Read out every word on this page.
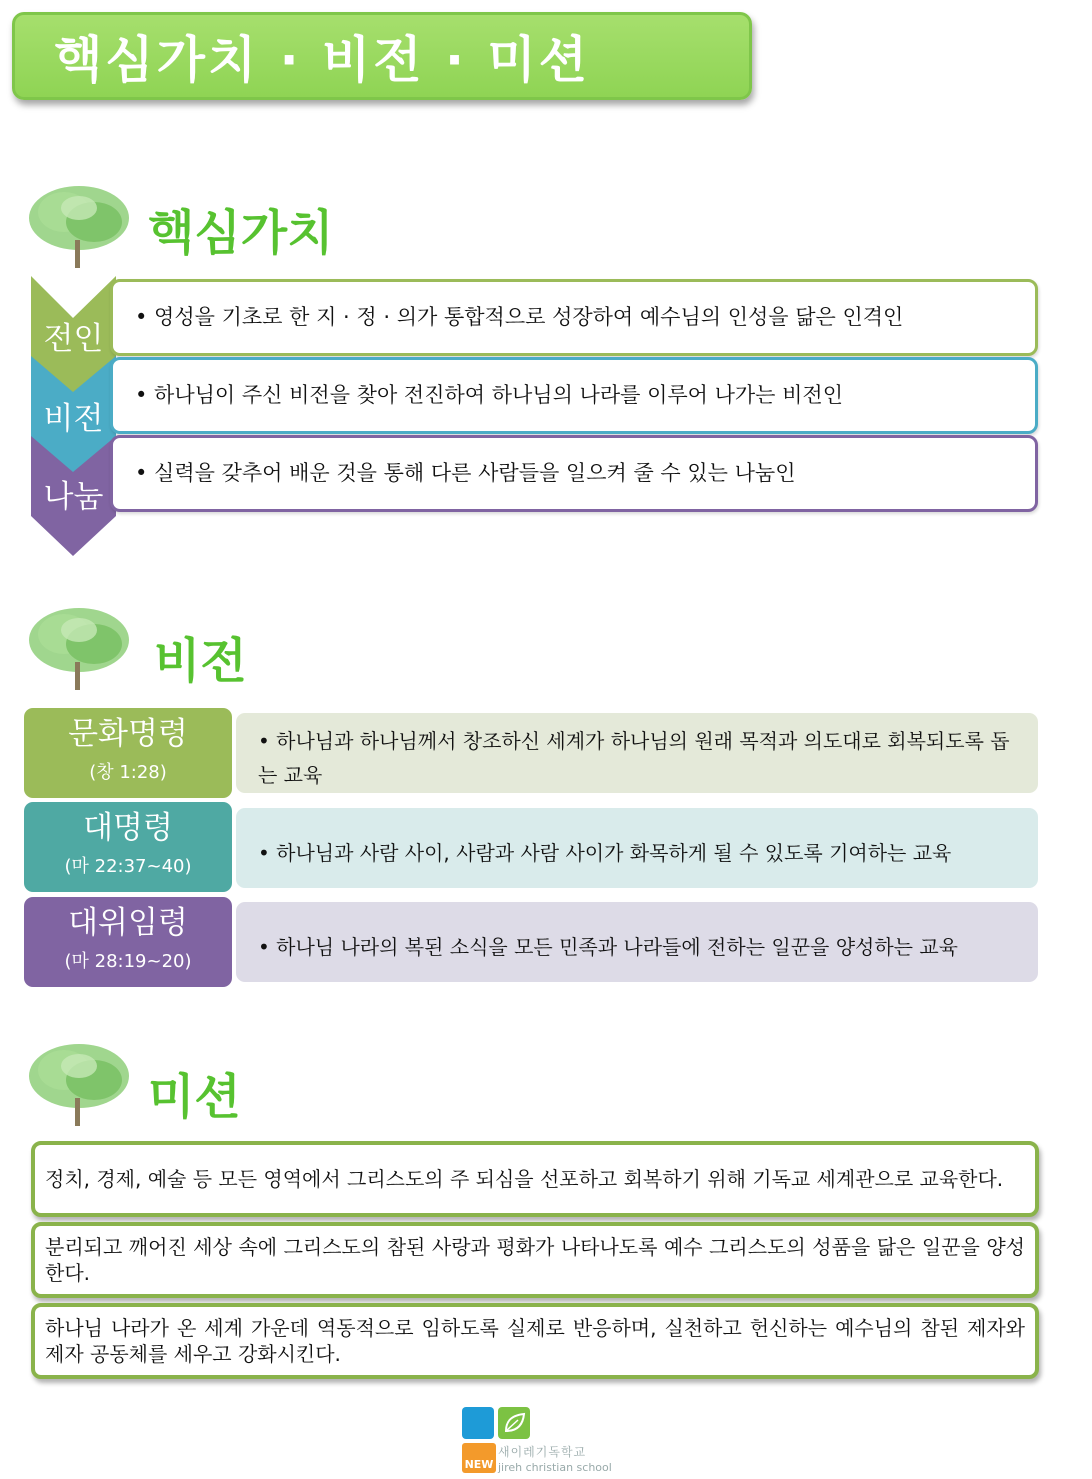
핵심가치 · 비전 · 미션
핵심가치
전인
비전
나눔
• 영성을 기초로 한 지 · 정 · 의가 통합적으로 성장하여 예수님의 인성을 닮은 인격인
• 하나님이 주신 비전을 찾아 전진하여 하나님의 나라를 이루어 나가는 비전인
• 실력을 갖추어 배운 것을 통해 다른 사람들을 일으켜 줄 수 있는 나눔인
비전
문화명령
(창 1:28)
• 하나님과 하나님께서 창조하신 세계가 하나님의 원래 목적과 의도대로 회복되도록 돕는 교육
대명령
(마 22:37~40)
• 하나님과 사람 사이, 사람과 사람 사이가 화목하게 될 수 있도록 기여하는 교육
대위임령
(마 28:19~20)
• 하나님 나라의 복된 소식을 모든 민족과 나라들에 전하는 일꾼을 양성하는 교육
미션
정치, 경제, 예술 등 모든 영역에서 그리스도의 주 되심을 선포하고 회복하기 위해 기독교 세계관으로 교육한다.
분리되고 깨어진 세상 속에 그리스도의 참된 사랑과 평화가 나타나도록 예수 그리스도의 성품을 닮은 일꾼을 양성한다.
하나님 나라가 온 세계 가운데 역동적으로 임하도록 실제로 반응하며, 실천하고 헌신하는 예수님의 참된 제자와 제자 공동체를 세우고 강화시킨다.
NEW
새이레기독학교
jireh christian school
